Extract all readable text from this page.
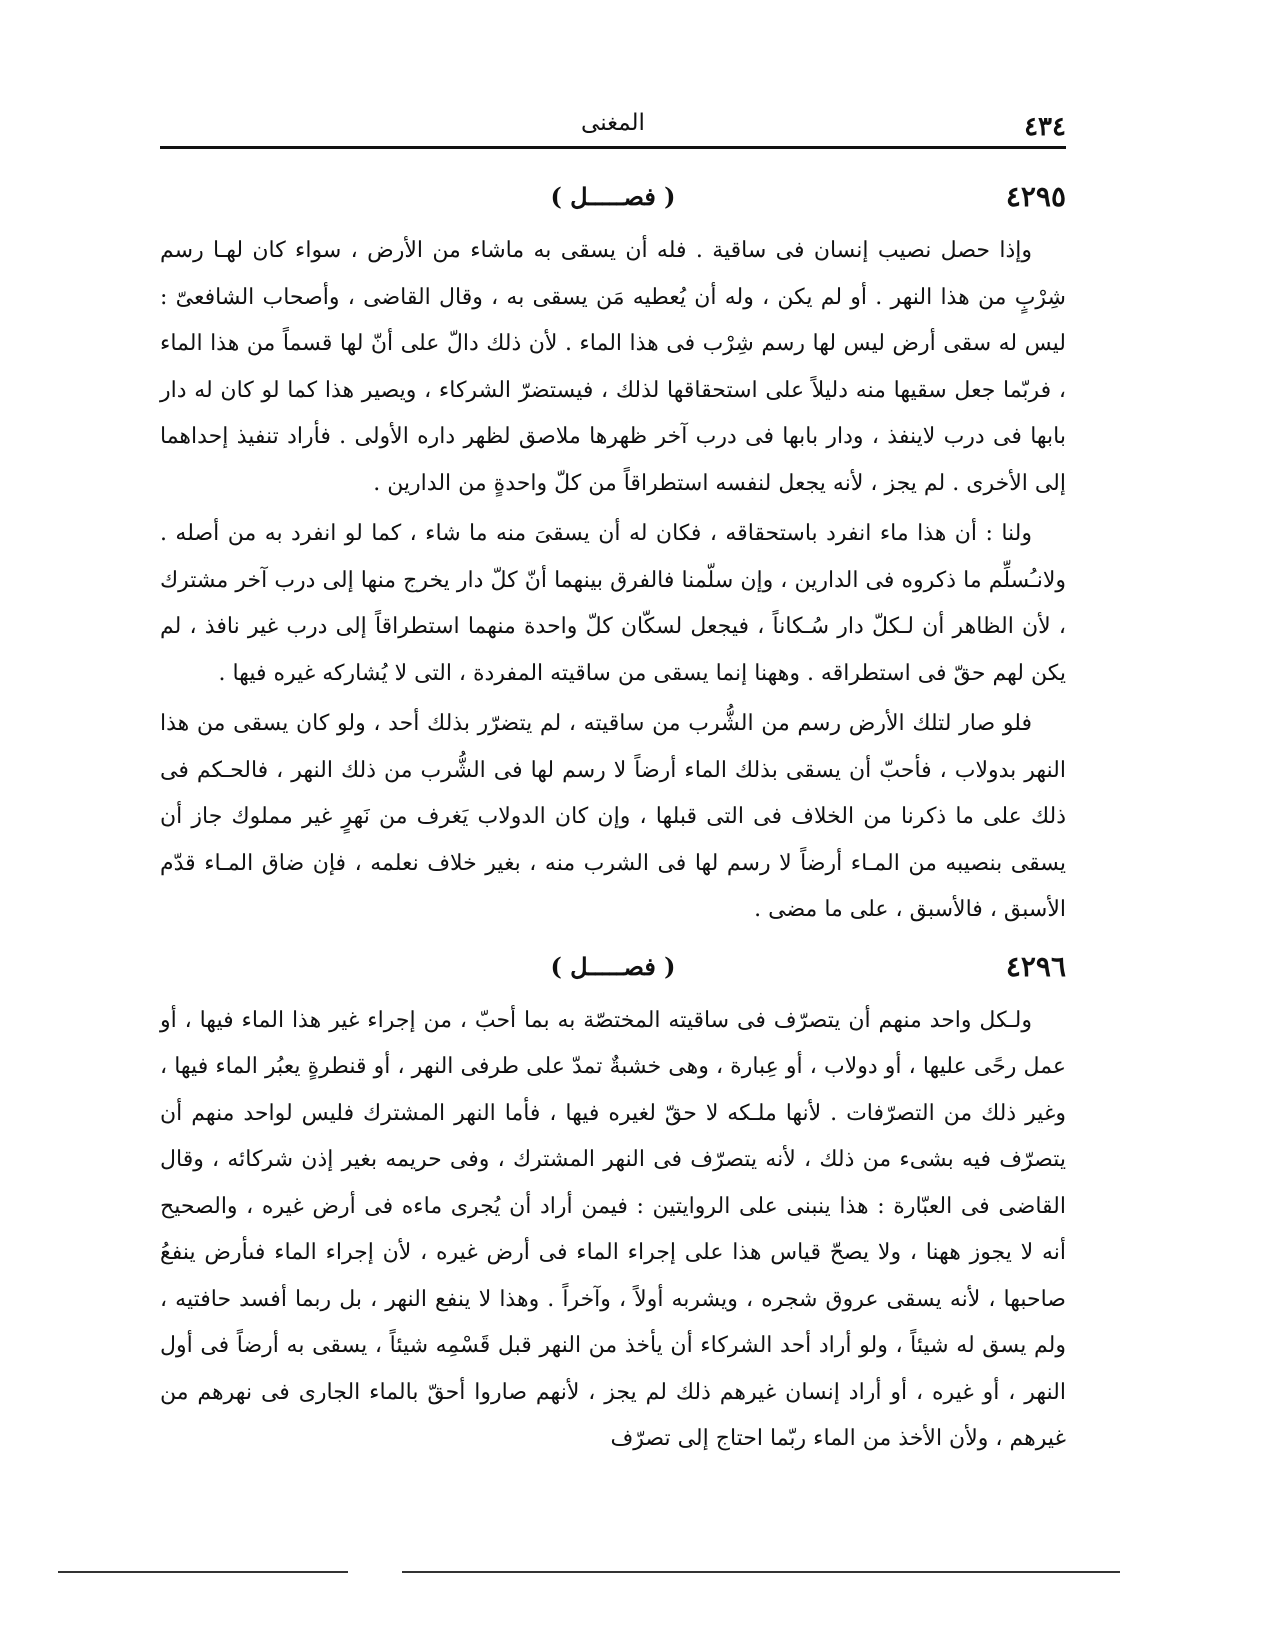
٤٣٤
المغنى
٤٢٩٥
( فصـــــل )

وإذا حصل نصيب إنسان فى ساقية . فله أن يسقى به ماشاء من الأرض ، سواء كان لهـا رسم شِرْبٍ من هذا النهر . أو لم يكن ، وله أن يُعطيه مَن يسقى به ، وقال القاضى ، وأصحاب الشافعىّ : ليس له سقى أرض ليس لها رسم شِرْب فى هذا الماء . لأن ذلك دالّ على أنّ لها قسماً من هذا الماء ، فربّما جعل سقيها منه دليلاً على استحقاقها لذلك ، فيستضرّ الشركاء ، ويصير هذا كما لو كان له دار بابها فى درب لاينفذ ، ودار بابها فى درب آخر ظهرها ملاصق لظهر داره الأولى . فأراد تنفيذ إحداهما إلى الأخرى . لم يجز ، لأنه يجعل لنفسه استطراقاً من كلّ واحدةٍ من الدارين .

ولنا : أن هذا ماء انفرد باستحقاقه ، فكان له أن يسقىَ منه ما شاء ، كما لو انفرد به من أصله . ولانـُسلِّم ما ذكروه فى الدارين ، وإن سلّمنا فالفرق بينهما أنّ كلّ دار يخرج منها إلى درب آخر مشترك ، لأن الظاهر أن لـكلّ دار سُـكاناً ، فيجعل لسكّان كلّ واحدة منهما استطراقاً إلى درب غير نافذ ، لم يكن لهم حقّ فى استطراقه . وههنا إنما يسقى من ساقيته المفردة ، التى لا يُشاركه غيره فيها .

فلو صار لتلك الأرض رسم من الشُّرب من ساقيته ، لم يتضرّر بذلك أحد ، ولو كان يسقى من هذا النهر بدولاب ، فأحبّ أن يسقى بذلك الماء أرضاً لا رسم لها فى الشُّرب من ذلك النهر ، فالحـكم فى ذلك على ما ذكرنا من الخلاف فى التى قبلها ، وإن كان الدولاب يَغرف من نَهرٍ غير مملوك جاز أن يسقى بنصيبه من المـاء أرضاً لا رسم لها فى الشرب منه ، بغير خلاف نعلمه ، فإن ضاق المـاء قدّم الأسبق ، فالأسبق ، على ما مضى .

٤٢٩٦
( فصـــــل )

ولـكل واحد منهم أن يتصرّف فى ساقيته المختصّة به بما أحبّ ، من إجراء غير هذا الماء فيها ، أو عمل رحًى عليها ، أو دولاب ، أو عِبارة ، وهى خشبةٌ تمدّ على طرفى النهر ، أو قنطرةٍ يعبُر الماء فيها ، وغير ذلك من التصرّفات . لأنها ملـكه لا حقّ لغيره فيها ، فأما النهر المشترك فليس لواحد منهم أن يتصرّف فيه بشىء من ذلك ، لأنه يتصرّف فى النهر المشترك ، وفى حريمه بغير إذن شركائه ، وقال القاضى فى العبّارة : هذا ينبنى على الروايتين : فيمن أراد أن يُجرى ماءه فى أرض غيره ، والصحيح أنه لا يجوز ههنا ، ولا يصحّ قياس هذا على إجراء الماء فى أرض غيره ، لأن إجراء الماء فىأرض ينفعُ صاحبها ، لأنه يسقى عروق شجره ، ويشربه أولاً ، وآخراً . وهذا لا ينفع النهر ، بل ربما أفسد حافتيه ، ولم يسق له شيئاً ، ولو أراد أحد الشركاء أن يأخذ من النهر قبل قَسْمِه شيئاً ، يسقى به أرضاً فى أول النهر ، أو غيره ، أو أراد إنسان غيرهم ذلك لم يجز ، لأنهم صاروا أحقّ بالماء الجارى فى نهرهم من غيرهم ، ولأن الأخذ من الماء ربّما احتاج إلى تصرّف
